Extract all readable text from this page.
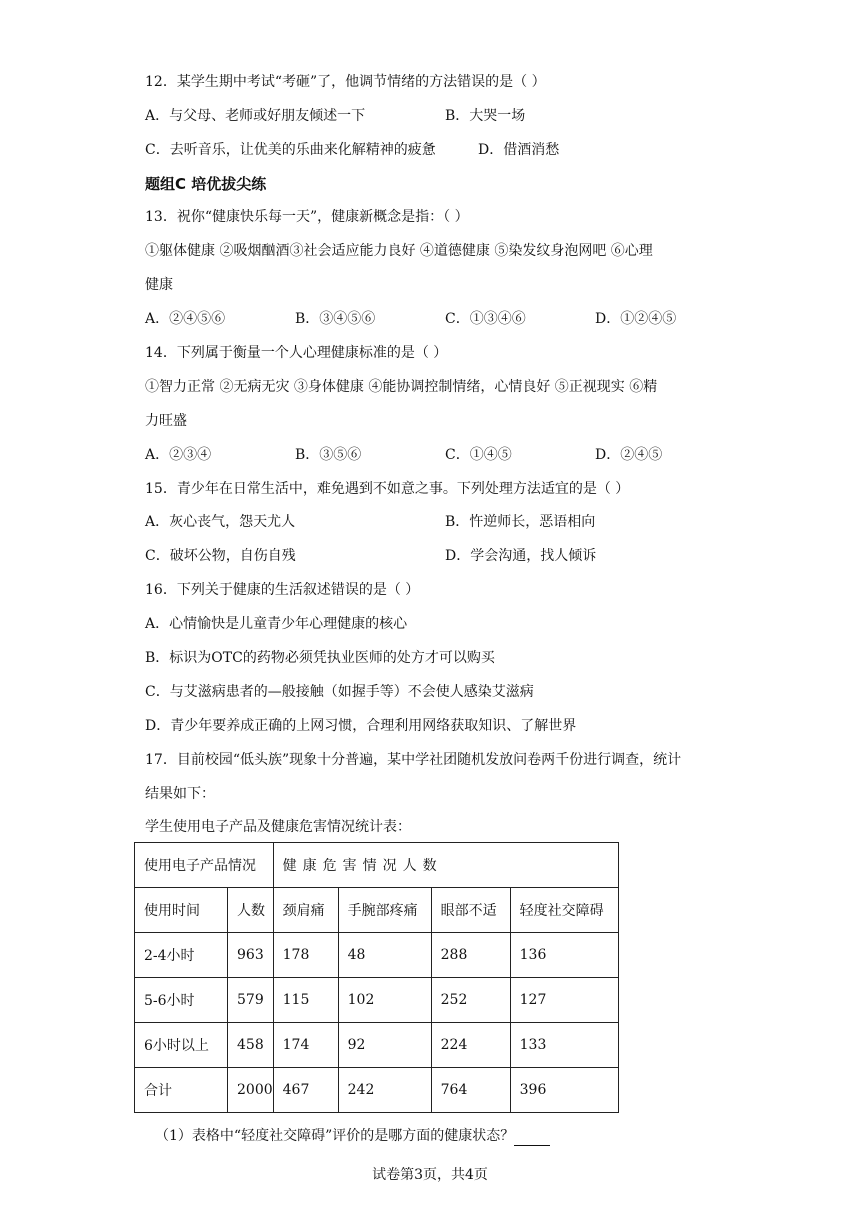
12．某学生期中考试“考砸”了，他调节情绪的方法错误的是（ ）
A．与父母、老师或好朋友倾述一下	B．大哭一场
C．去听音乐，让优美的乐曲来化解精神的疲惫	D．借酒消愁
题组C 培优拔尖练
13．祝你“健康快乐每一天”，健康新概念是指：（ ）
①躯体健康 ②吸烟酗酒③社会适应能力良好 ④道德健康 ⑤染发纹身泡网吧 ⑥心理
健康
A．②④⑤⑥	B．③④⑤⑥	C．①③④⑥	D．①②④⑤
14．下列属于衡量一个人心理健康标准的是（ ）
①智力正常 ②无病无灾 ③身体健康 ④能协调控制情绪，心情良好 ⑤正视现实 ⑥精
力旺盛
A．②③④	B．③⑤⑥	C．①④⑤	D．②④⑤
15．青少年在日常生活中，难免遇到不如意之事。下列处理方法适宜的是（ ）
A．灰心丧气，怨天尤人	B．忤逆师长，恶语相向
C．破坏公物，自伤自残	D．学会沟通，找人倾诉
16．下列关于健康的生活叙述错误的是（ ）
A．心情愉快是儿童青少年心理健康的核心
B．标识为OTC的药物必须凭执业医师的处方才可以购买
C．与艾滋病患者的—般接触（如握手等）不会使人感染艾滋病
D．青少年要养成正确的上网习惯，合理利用网络获取知识、了解世界
17．目前校园“低头族”现象十分普遍，某中学社团随机发放问卷两千份进行调查，统计
结果如下：
学生使用电子产品及健康危害情况统计表：
使用电子产品情况		健康危害情况人数			
使用时间	人数	颈肩痛	手腕部疼痛	眼部不适	轻度社交障碍
2-4小时	963	178	48	288	136
5-6小时	579	115	102	252	127
6小时以上	458	174	92	224	133
合计	2000	467	242	764	396
（1）表格中“轻度社交障碍”评价的是哪方面的健康状态？
试卷第3页，共4页
